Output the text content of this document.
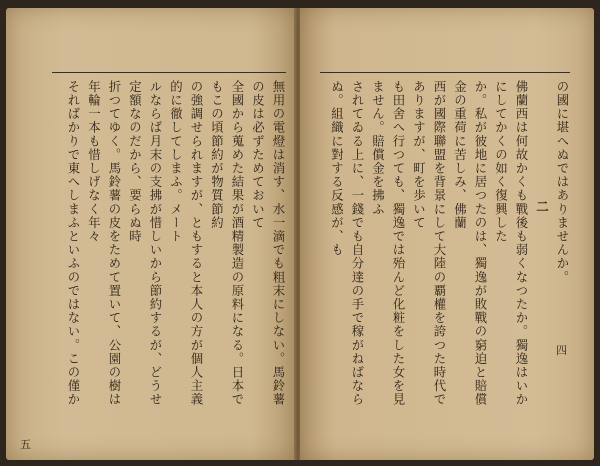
無用の電燈は消す、水一滴でも粗末にしない。馬鈴薯の皮は必ずためておいて

全國から蒐めた結果が酒精製造の原料になる。日本でもこの頃節約が物質節約

の強調せられますが、ともすると本人の方が個人主義的に徹してしまふ。メート

ルならば月末の支拂が惜しいから節約するが、どうせ定額なのだから、要らぬ時

折つてゆく。馬鈴薯の皮をためて置いて、公園の樹は年輪一本も惜しげなく年々

そればかりで東へしまふといふのではない。この僅か

五

の國に堪へぬではありませんか。

二

佛蘭西は何故かくも戰後も弱くなつたか。獨逸はいかにしてかくの如く復興した

か。私が彼地に居つたのは、獨逸が敗戰の窮迫と賠償金の重荷に苦しみ、佛蘭

西が國際聯盟を背景にして大陸の覇權を誇つた時代でありますが、町を歩いて

も田舍へ行つても、獨逸では殆んど化粧をした女を見ません。賠償金を拂ふ

されてゐる上に、一錢でも自分達の手で稼がねばならぬ。組織に對する反感が、も

四
